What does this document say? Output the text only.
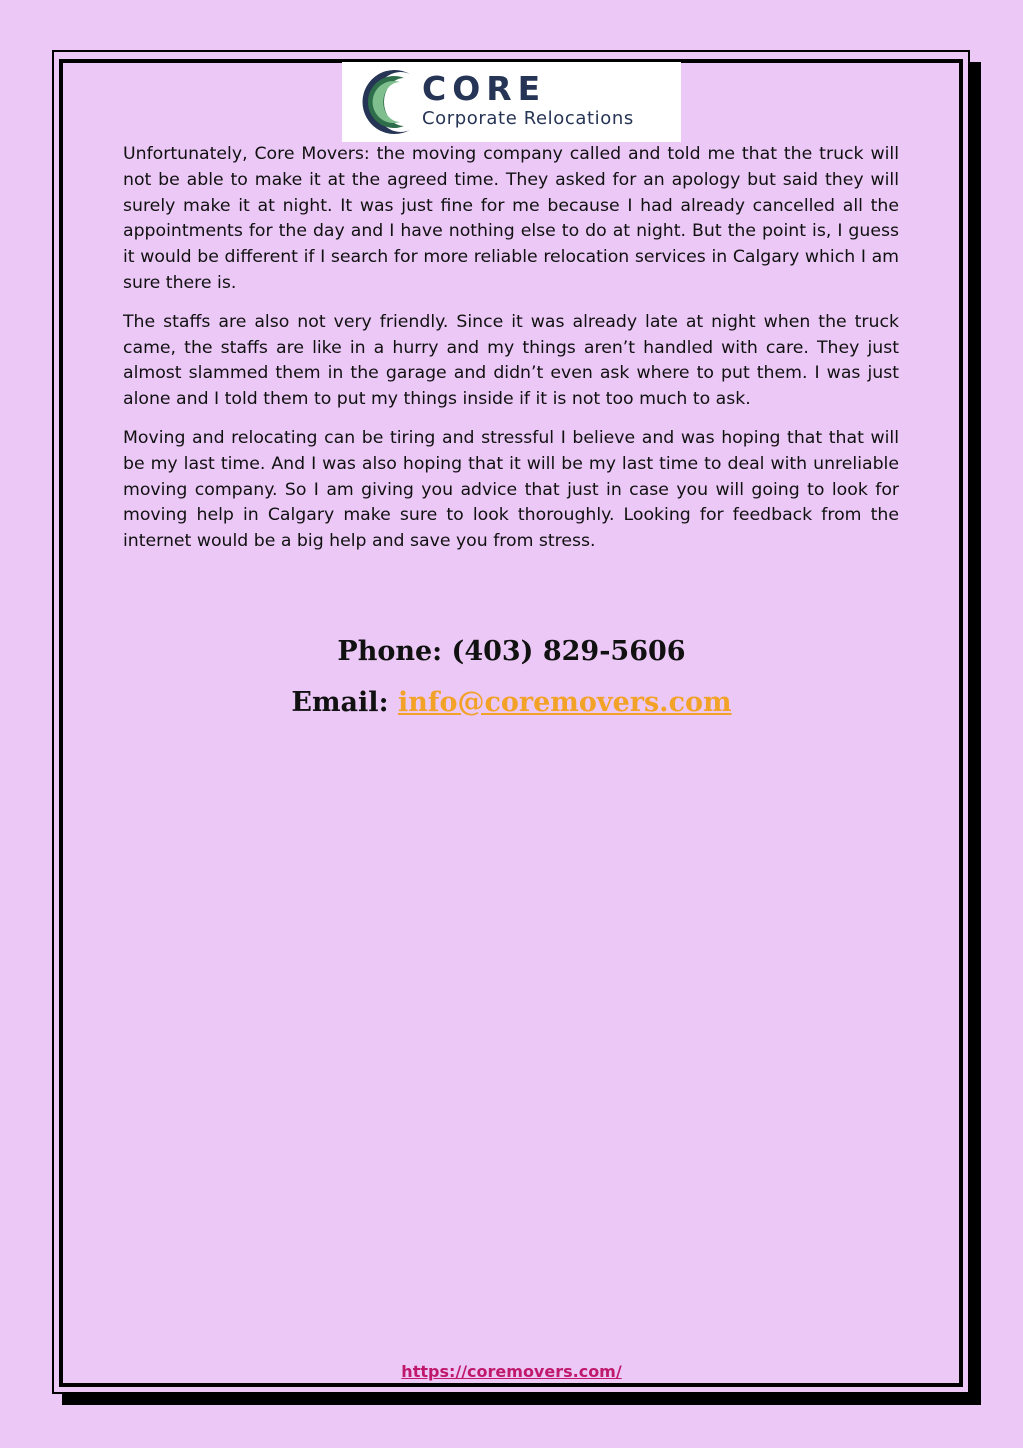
CORE
Corporate Relocations

Unfortunately, Core Movers: the moving company called and told me that the truck will not be able to make it at the agreed time. They asked for an apology but said they will surely make it at night. It was just fine for me because I had already cancelled all the appointments for the day and I have nothing else to do at night. But the point is, I guess it would be different if I search for more reliable relocation services in Calgary which I am sure there is.

The staffs are also not very friendly. Since it was already late at night when the truck came, the staffs are like in a hurry and my things aren’t handled with care. They just almost slammed them in the garage and didn’t even ask where to put them. I was just alone and I told them to put my things inside if it is not too much to ask.

Moving and relocating can be tiring and stressful I believe and was hoping that that will be my last time. And I was also hoping that it will be my last time to deal with unreliable moving company. So I am giving you advice that just in case you will going to look for moving help in Calgary make sure to look thoroughly. Looking for feedback from the internet would be a big help and save you from stress.

Phone: (403) 829-5606
Email: info@coremovers.com
https://coremovers.com/
